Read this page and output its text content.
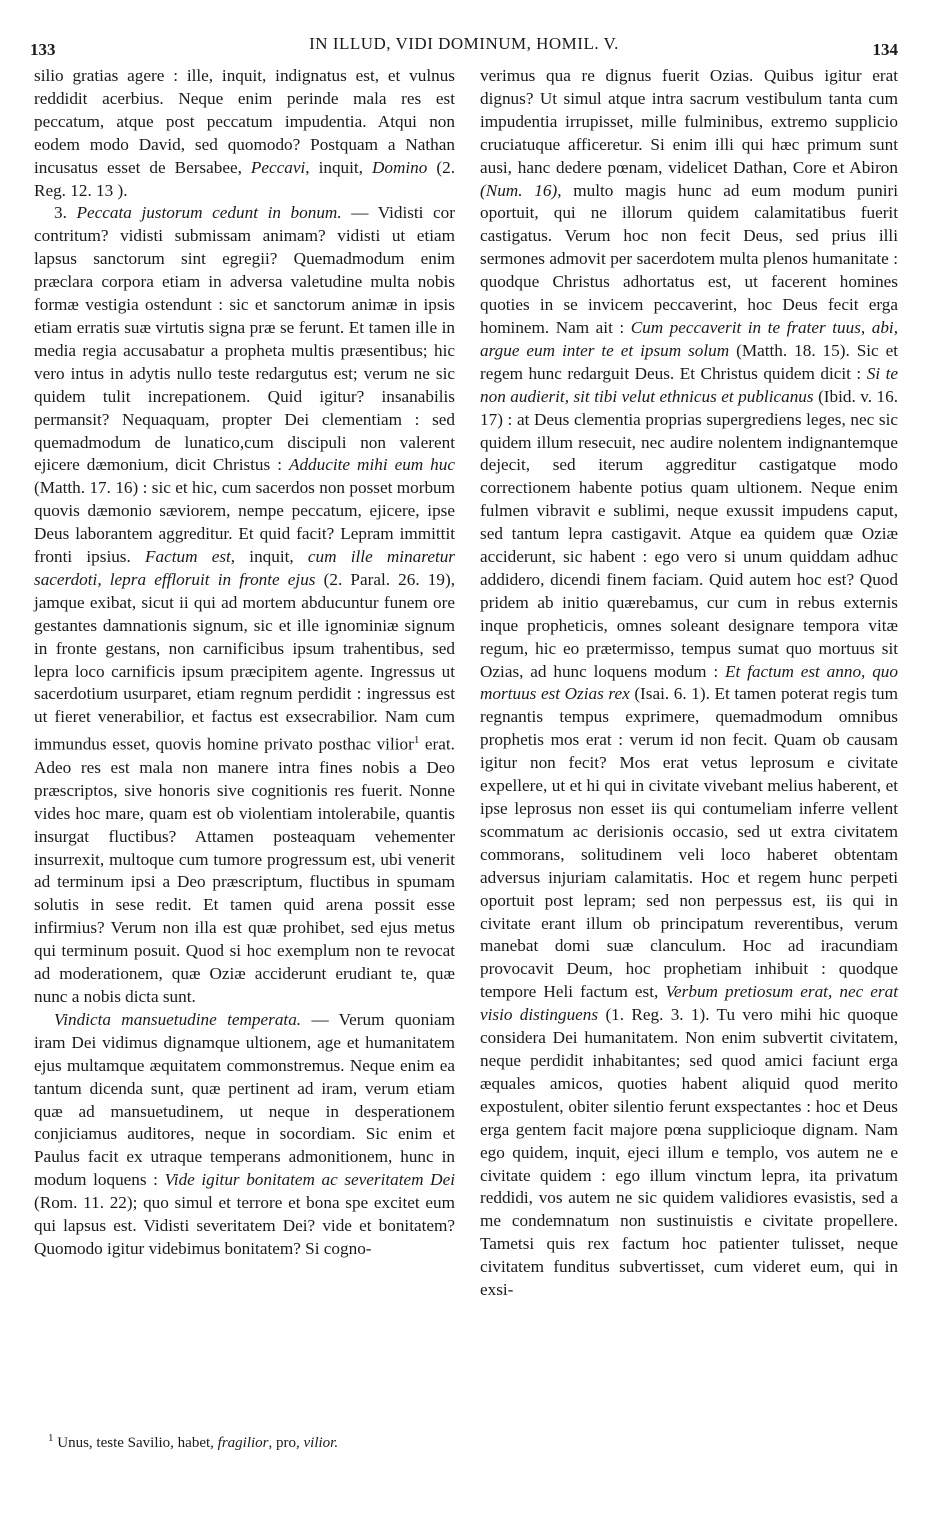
133	IN ILLUD, VIDI DOMINUM, HOMIL. V.	134

silio gratias agere : ille, inquit, indignatus est, et vulnus reddidit acerbius. Neque enim perinde mala res est peccatum, atque post peccatum impudentia. Atqui non eodem modo David, sed quomodo? Postquam a Nathan incusatus esset de Bersabee, Peccavi, inquit, Domino (2. Reg. 12. 13 ).

3. Peccata justorum cedunt in bonum. — Vidisti cor contritum? vidisti submissam animam? vidisti ut etiam lapsus sanctorum sint egregii? Quemadmodum enim præclara corpora etiam in adversa valetudine multa nobis formæ vestigia ostendunt : sic et sanctorum animæ in ipsis etiam erratis suæ virtutis signa præ se ferunt. Et tamen ille in media regia accusabatur a propheta multis præsentibus; hic vero intus in adytis nullo teste redargutus est; verum ne sic quidem tulit increpationem. Quid igitur? insanabilis permansit? Nequaquam, propter Dei clementiam : sed quemadmodum de lunatico,cum discipuli non valerent ejicere dæmonium, dicit Christus : Adducite mihi eum huc (Matth. 17. 16) : sic et hic, cum sacerdos non posset morbum quovis dæmonio sæviorem, nempe peccatum, ejicere, ipse Deus laborantem aggreditur. Et quid facit? Lepram immittit fronti ipsius. Factum est, inquit, cum ille minaretur sacerdoti, lepra effloruit in fronte ejus (2. Paral. 26. 19), jamque exibat, sicut ii qui ad mortem abducuntur funem ore gestantes damnationis signum, sic et ille ignominiæ signum in fronte gestans, non carnificibus ipsum trahentibus, sed lepra loco carnificis ipsum præcipitem agente. Ingressus ut sacerdotium usurparet, etiam regnum perdidit : ingressus est ut fieret venerabilior, et factus est exsecrabilior. Nam cum immundus esset, quovis homine privato posthac vilior$^1$ erat. Adeo res est mala non manere intra fines nobis a Deo præscriptos, sive honoris sive cognitionis res fuerit. Nonne vides hoc mare, quam est ob violentiam intolerabile, quantis insurgat fluctibus? Attamen posteaquam vehementer insurrexit, multoque cum tumore progressum est, ubi venerit ad terminum ipsi a Deo præscriptum, fluctibus in spumam solutis in sese redit. Et tamen quid arena possit esse infirmius? Verum non illa est quæ prohibet, sed ejus metus qui terminum posuit. Quod si hoc exemplum non te revocat ad moderationem, quæ Oziæ acciderunt erudiant te, quæ nunc a nobis dicta sunt.

Vindicta mansuetudine temperata. — Verum quoniam iram Dei vidimus dignamque ultionem, age et humanitatem ejus multamque æquitatem commonstremus. Neque enim ea tantum dicenda sunt, quæ pertinent ad iram, verum etiam quæ ad mansuetudinem, ut neque in desperationem conjiciamus auditores, neque in socordiam. Sic enim et Paulus facit ex utraque temperans admonitionem, hunc in modum loquens : Vide igitur bonitatem ac severitatem Dei (Rom. 11. 22); quo simul et terrore et bona spe excitet eum qui lapsus est. Vidisti severitatem Dei? vide et bonitatem? Quomodo igitur videbimus bonitatem? Si cogno-

verimus qua re dignus fuerit Ozias. Quibus igitur erat dignus? Ut simul atque intra sacrum vestibulum tanta cum impudentia irrupisset, mille fulminibus, extremo supplicio cruciatuque afficeretur. Si enim illi qui hæc primum sunt ausi, hanc dedere pœnam, videlicet Dathan, Core et Abiron (Num. 16), multo magis hunc ad eum modum puniri oportuit, qui ne illorum quidem calamitatibus fuerit castigatus. Verum hoc non fecit Deus, sed prius illi sermones admovit per sacerdotem multa plenos humanitate : quodque Christus adhortatus est, ut facerent homines quoties in se invicem peccaverint, hoc Deus fecit erga hominem. Nam ait : Cum peccaverit in te frater tuus, abi, argue eum inter te et ipsum solum (Matth. 18. 15). Sic et regem hunc redarguit Deus. Et Christus quidem dicit : Si te non audierit, sit tibi velut ethnicus et publicanus (Ibid. v. 16. 17) : at Deus clementia proprias supergrediens leges, nec sic quidem illum resecuit, nec audire nolentem indignantemque dejecit, sed iterum aggreditur castigatque modo correctionem habente potius quam ultionem. Neque enim fulmen vibravit e sublimi, neque exussit impudens caput, sed tantum lepra castigavit. Atque ea quidem quæ Oziæ acciderunt, sic habent : ego vero si unum quiddam adhuc addidero, dicendi finem faciam. Quid autem hoc est? Quod pridem ab initio quærebamus, cur cum in rebus externis inque propheticis, omnes soleant designare tempora vitæ regum, hic eo prætermisso, tempus sumat quo mortuus sit Ozias, ad hunc loquens modum : Et factum est anno, quo mortuus est Ozias rex (Isai. 6. 1). Et tamen poterat regis tum regnantis tempus exprimere, quemadmodum omnibus prophetis mos erat : verum id non fecit. Quam ob causam igitur non fecit? Mos erat vetus leprosum e civitate expellere, ut et hi qui in civitate vivebant melius haberent, et ipse leprosus non esset iis qui contumeliam inferre vellent scommatum ac derisionis occasio, sed ut extra civitatem commorans, solitudinem veli loco haberet obtentam adversus injuriam calamitatis. Hoc et regem hunc perpeti oportuit post lepram; sed non perpessus est, iis qui in civitate erant illum ob principatum reverentibus, verum manebat domi suæ clanculum. Hoc ad iracundiam provocavit Deum, hoc prophetiam inhibuit : quodque tempore Heli factum est, Verbum pretiosum erat, nec erat visio distinguens (1. Reg. 3. 1). Tu vero mihi hic quoque considera Dei humanitatem. Non enim subvertit civitatem, neque perdidit inhabitantes; sed quod amici faciunt erga æquales amicos, quoties habent aliquid quod merito expostulent, obiter silentio ferunt exspectantes : hoc et Deus erga gentem facit majore pœna suppliciоque dignam. Nam ego quidem, inquit, ejeci illum e templo, vos autem ne e civitate quidem : ego illum vinctum lepra, ita privatum reddidi, vos autem ne sic quidem validiores evasistis, sed a me condemnatum non sustinuistis e civitate propellere. Tametsi quis rex factum hoc patienter tulisset, neque civitatem funditus subvertisset, cum videret eum, qui in exsi-

$^1$ Unus, teste Savilio, habet, fragilior, pro, vilior.
